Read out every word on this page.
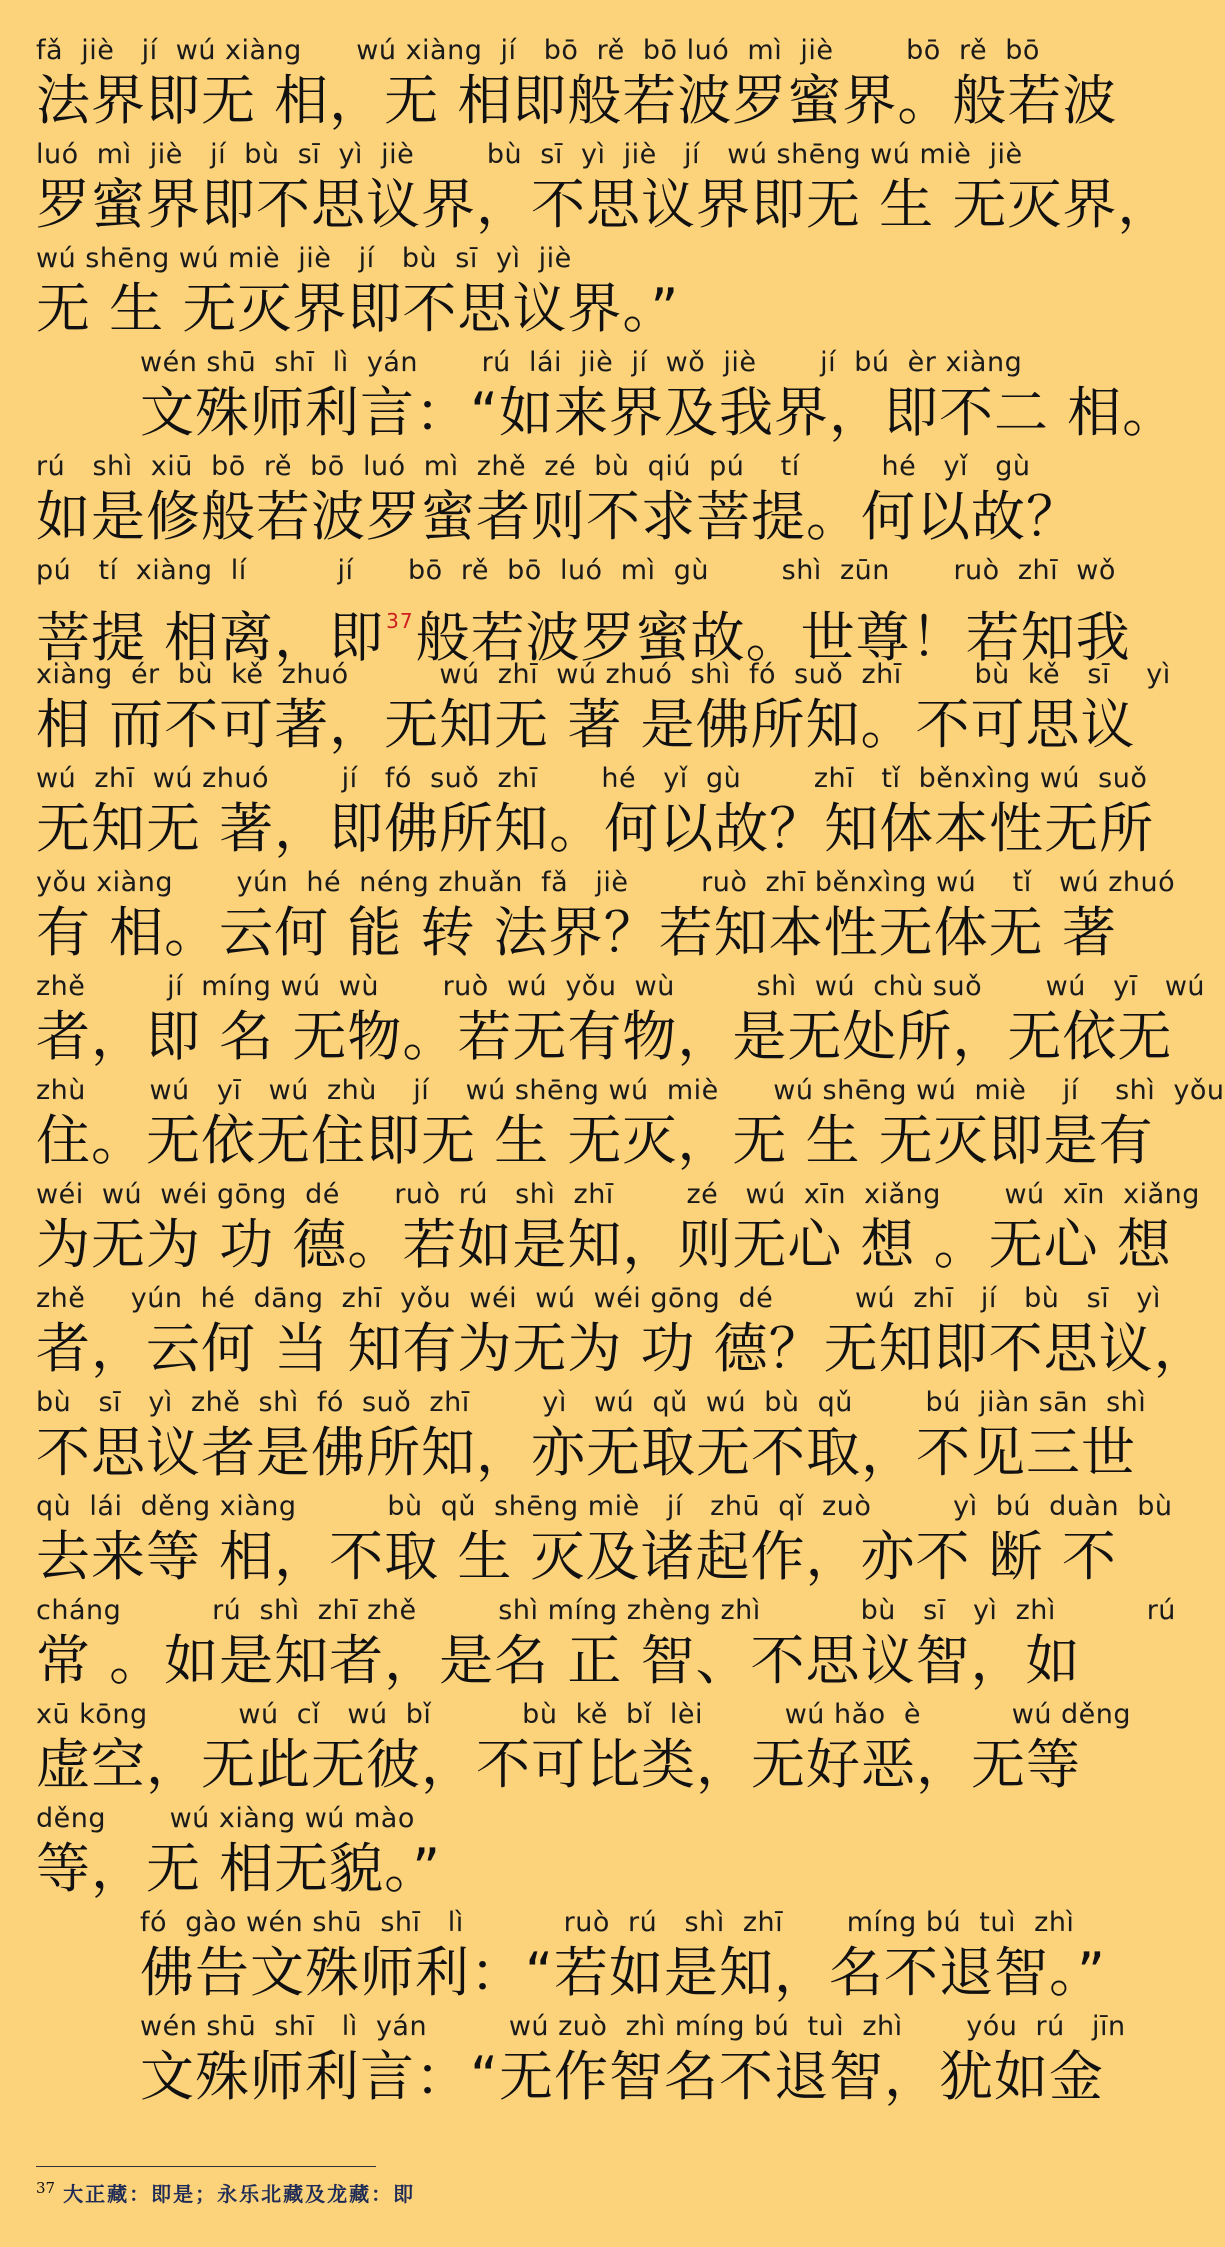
fǎ  jiè   jí  wú xiàng      wú xiàng  jí   bō  rě  bō luó  mì  jiè        bō  rě  bō
法界即无 相，无 相即般若波罗蜜界。般若波
luó  mì  jiè   jí  bù  sī  yì  jiè        bù  sī  yì  jiè   jí   wú shēng wú miè  jiè
罗蜜界即不思议界，不思议界即无 生 无灭界，
wú shēng wú miè  jiè   jí   bù  sī  yì  jiè
无 生 无灭界即不思议界。”
wén shū  shī  lì  yán       rú  lái  jiè  jí  wǒ  jiè       jí  bú  èr xiàng
文殊师利言：“如来界及我界，即不二 相。
rú   shì  xiū  bō  rě  bō  luó  mì  zhě  zé  bù  qiú  pú    tí         hé   yǐ   gù
如是修般若波罗蜜者则不求菩提。何以故？
pú   tí  xiàng  lí          jí      bō  rě  bō  luó  mì  gù        shì  zūn       ruò  zhī  wǒ
菩提 相离，即 $^{37}$般若波罗蜜故。世尊！若知我
xiàng  ér  bù  kě  zhuó          wú  zhī  wú zhuó  shì  fó  suǒ  zhī        bù  kě   sī    yì
相 而不可著，无知无 著 是佛所知。不可思议
wú  zhī  wú zhuó        jí   fó  suǒ  zhī       hé   yǐ  gù        zhī   tǐ  běnxìng wú  suǒ
无知无 著，即佛所知。何以故？知体本性无所
yǒu xiàng       yún  hé  néng zhuǎn  fǎ   jiè        ruò  zhī běnxìng wú    tǐ   wú zhuó
有 相。云何 能 转 法界？若知本性无体无 著
zhě         jí  míng wú  wù       ruò  wú  yǒu  wù         shì  wú  chù suǒ       wú   yī   wú
者，即 名 无物。若无有物，是无处所，无依无
zhù       wú   yī   wú  zhù    jí    wú shēng wú  miè      wú shēng wú  miè    jí    shì  yǒu
住。无依无住即无 生 无灭，无 生 无灭即是有
wéi  wú  wéi gōng  dé      ruò  rú   shì  zhī        zé   wú  xīn  xiǎng       wú  xīn  xiǎng
为无为 功 德。若如是知，则无心 想 。无心 想
zhě     yún  hé  dāng  zhī  yǒu  wéi  wú  wéi gōng  dé         wú  zhī   jí   bù   sī   yì
者，云何 当 知有为无为 功 德？无知即不思议，
bù   sī   yì  zhě  shì  fó  suǒ  zhī        yì   wú  qǔ  wú  bù  qǔ        bú  jiàn sān  shì
不思议者是佛所知，亦无取无不取，不见三世
qù  lái  děng xiàng          bù  qǔ  shēng miè   jí   zhū  qǐ  zuò         yì  bú  duàn  bù
去来等 相，不取 生 灭及诸起作，亦不 断 不
cháng          rú  shì  zhī zhě         shì míng zhèng zhì           bù   sī   yì  zhì          rú
常 。如是知者，是名 正 智、不思议智，如
xū kōng          wú  cǐ   wú  bǐ          bù  kě  bǐ  lèi         wú hǎo  è          wú děng
虚空，无此无彼，不可比类，无好恶，无等
děng       wú xiàng wú mào
等，无 相无貌。”
fó  gào wén shū  shī   lì           ruò  rú   shì  zhī       míng bú  tuì  zhì
佛告文殊师利：“若如是知，名不退智。”
wén shū  shī   lì  yán         wú zuò  zhì míng bú  tuì  zhì       yóu  rú   jīn
文殊师利言：“无作智名不退智，犹如金
$^{37}$ 大正藏：即是；永乐北藏及龙藏：即
